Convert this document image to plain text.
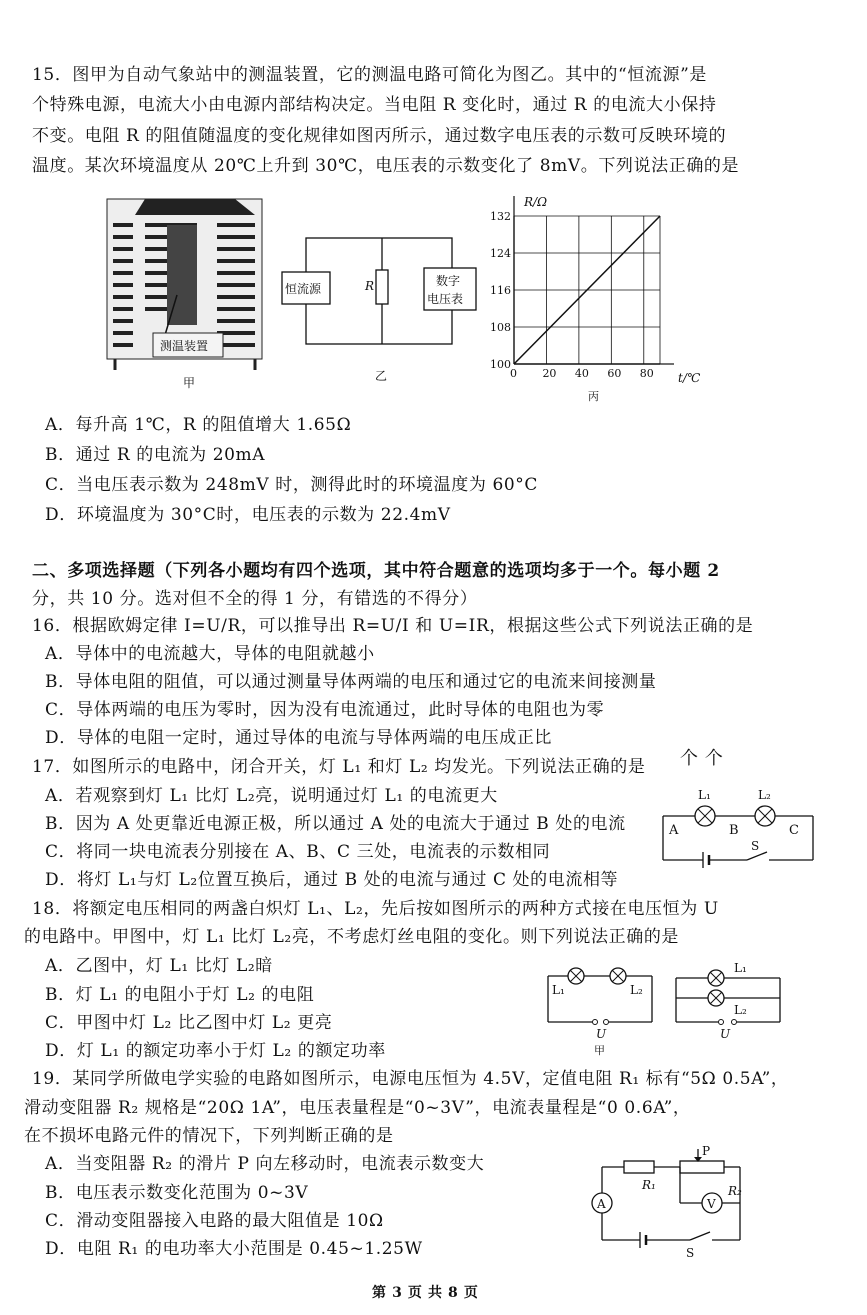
15．图甲为自动气象站中的测温装置，它的测温电路可简化为图乙。其中的“恒流源”是
个特殊电源，电流大小由电源内部结构决定。当电阻 R 变化时，通过 R 的电流大小保持
不变。电阻 R 的阻值随温度的变化规律如图丙所示，通过数字电压表的示数可反映环境的
温度。某次环境温度从 20℃上升到 30℃，电压表的示数变化了 8mV。下列说法正确的是
测温装置
甲
恒流源
数字
电压表
R
乙	0 20 40 60 80
100
108
116
124
132
R/Ω
t/℃
丙
A．每升高 1℃，R 的阻值增大 1.65Ω
B．通过 R 的电流为 20mA
C．当电压表示数为 248mV 时，测得此时的环境温度为 60°C
D．环境温度为 30°C时，电压表的示数为 22.4mV
二、多项选择题（下列各小题均有四个选项，其中符合题意的选项均多于一个。每小题 2
分，共 10 分。选对但不全的得 1 分，有错选的不得分）
16．根据欧姆定律 I=U/R，可以推导出 R=U/I 和 U=IR，根据这些公式下列说法正确的是
A．导体中的电流越大，导体的电阻就越小
B．导体电阻的阻值，可以通过测量导体两端的电压和通过它的电流来间接测量
C．导体两端的电压为零时，因为没有电流通过，此时导体的电阻也为零
D．导体的电阻一定时，通过导体的电流与导体两端的电压成正比
17．如图所示的电路中，闭合开关，灯 L₁ 和灯 L₂ 均发光。下列说法正确的是 个 个
A．若观察到灯 L₁ 比灯 L₂亮，说明通过灯 L₁ 的电流更大
B．因为 A 处更靠近电源正极，所以通过 A 处的电流大于通过 B 处的电流
C．将同一块电流表分别接在 A、B、C 三处，电流表的示数相同
D．将灯 L₁与灯 L₂位置互换后，通过 B 处的电流与通过 C 处的电流相等
L₁	L₂
A	B	C
S
18．将额定电压相同的两盏白炽灯 L₁、L₂，先后按如图所示的两种方式接在电压恒为 U
的电路中。甲图中，灯 L₁ 比灯 L₂亮，不考虑灯丝电阻的变化。则下列说法正确的是
A．乙图中，灯 L₁ 比灯 L₂暗
B．灯 L₁ 的电阻小于灯 L₂ 的电阻
C．甲图中灯 L₂ 比乙图中灯 L₂ 更亮
D．灯 L₁ 的额定功率小于灯 L₂ 的额定功率
L₁	L₂
U
甲
L₁
L₂
U
19．某同学所做电学实验的电路如图所示，电源电压恒为 4.5V，定值电阻 R₁ 标有“5Ω 0.5A”，
滑动变阻器 R₂ 规格是“20Ω 1A”，电压表量程是“0~3V”，电流表量程是“0 0.6A”，
在不损坏电路元件的情况下，下列判断正确的是
A．当变阻器 R₂ 的滑片 P 向左移动时，电流表示数变大
B．电压表示数变化范围为 0~3V
C．滑动变阻器接入电路的最大阻值是 10Ω
D．电阻 R₁ 的电功率大小范围是 0.45~1.25W
P
R₁	R₂
A	V
S
第 3 页 共 8 页
